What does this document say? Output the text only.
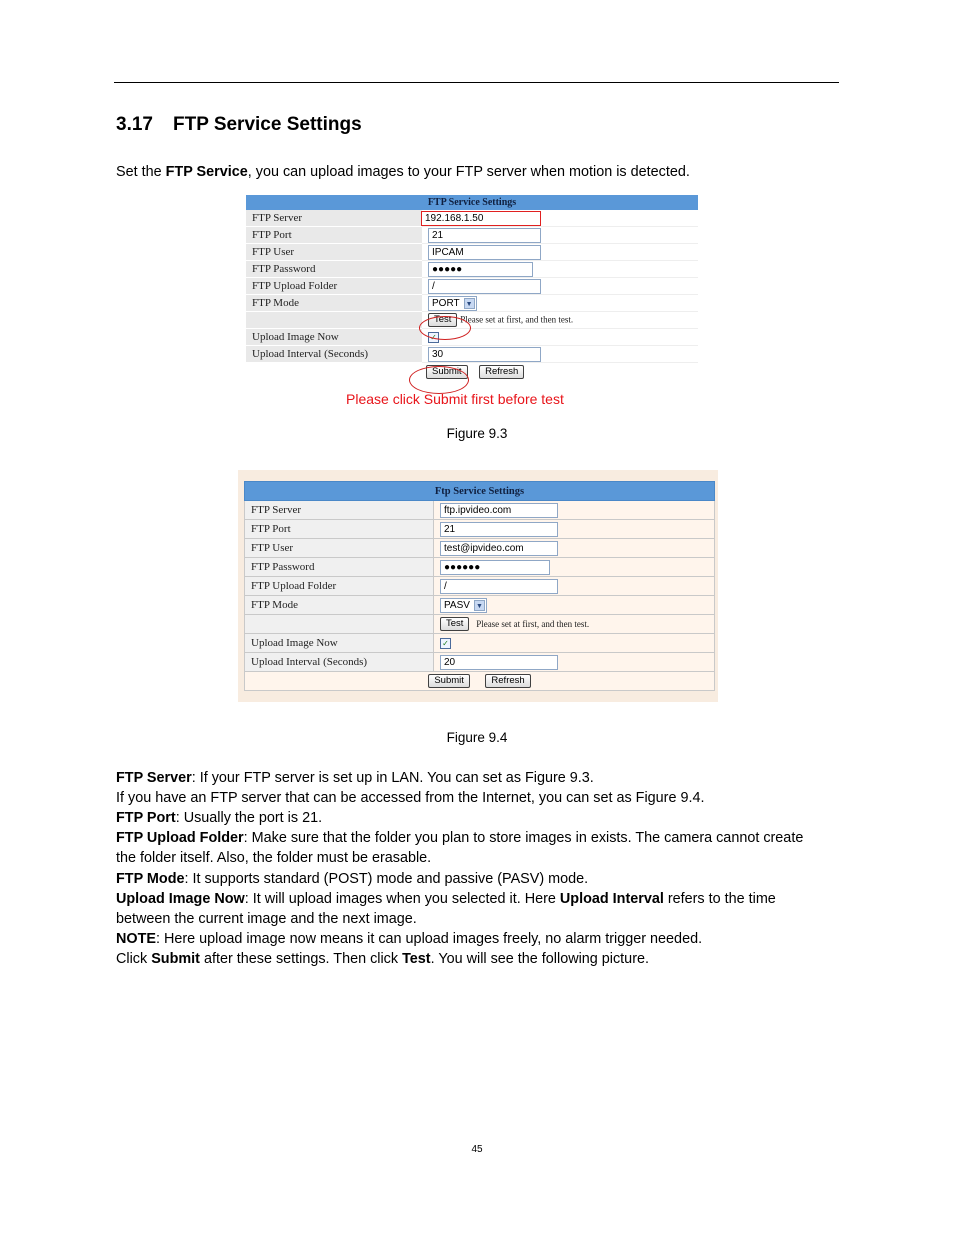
3.17 FTP Service Settings
Set the FTP Service, you can upload images to your FTP server when motion is detected.
FTP Service Settings	
FTP Server	192.168.1.50
FTP Port	21
FTP User	IPCAM
FTP Password	●●●●●
FTP Upload Folder	/
FTP Mode	PORT ▼
	Test Please set at first, and then test.
Upload Image Now	✓
Upload Interval (Seconds)	30
Submit Refresh	
Please click Submit first before test
Figure 9.3
Ftp Service Settings	
FTP Server	ftp.ipvideo.com
FTP Port	21
FTP User	test@ipvideo.com
FTP Password	●●●●●●
FTP Upload Folder	/
FTP Mode	PASV ▼
	Test Please set at first, and then test.
Upload Image Now	✓
Upload Interval (Seconds)	20
Submit Refresh	
Figure 9.4
FTP Server: If your FTP server is set up in LAN. You can set as Figure 9.3.
If you have an FTP server that can be accessed from the Internet, you can set as Figure 9.4.
FTP Port: Usually the port is 21.
FTP Upload Folder: Make sure that the folder you plan to store images in exists. The camera cannot create
the folder itself. Also, the folder must be erasable.
FTP Mode: It supports standard (POST) mode and passive (PASV) mode.
Upload Image Now: It will upload images when you selected it. Here Upload Interval refers to the time
between the current image and the next image.
NOTE: Here upload image now means it can upload images freely, no alarm trigger needed.
Click Submit after these settings. Then click Test. You will see the following picture.
45
